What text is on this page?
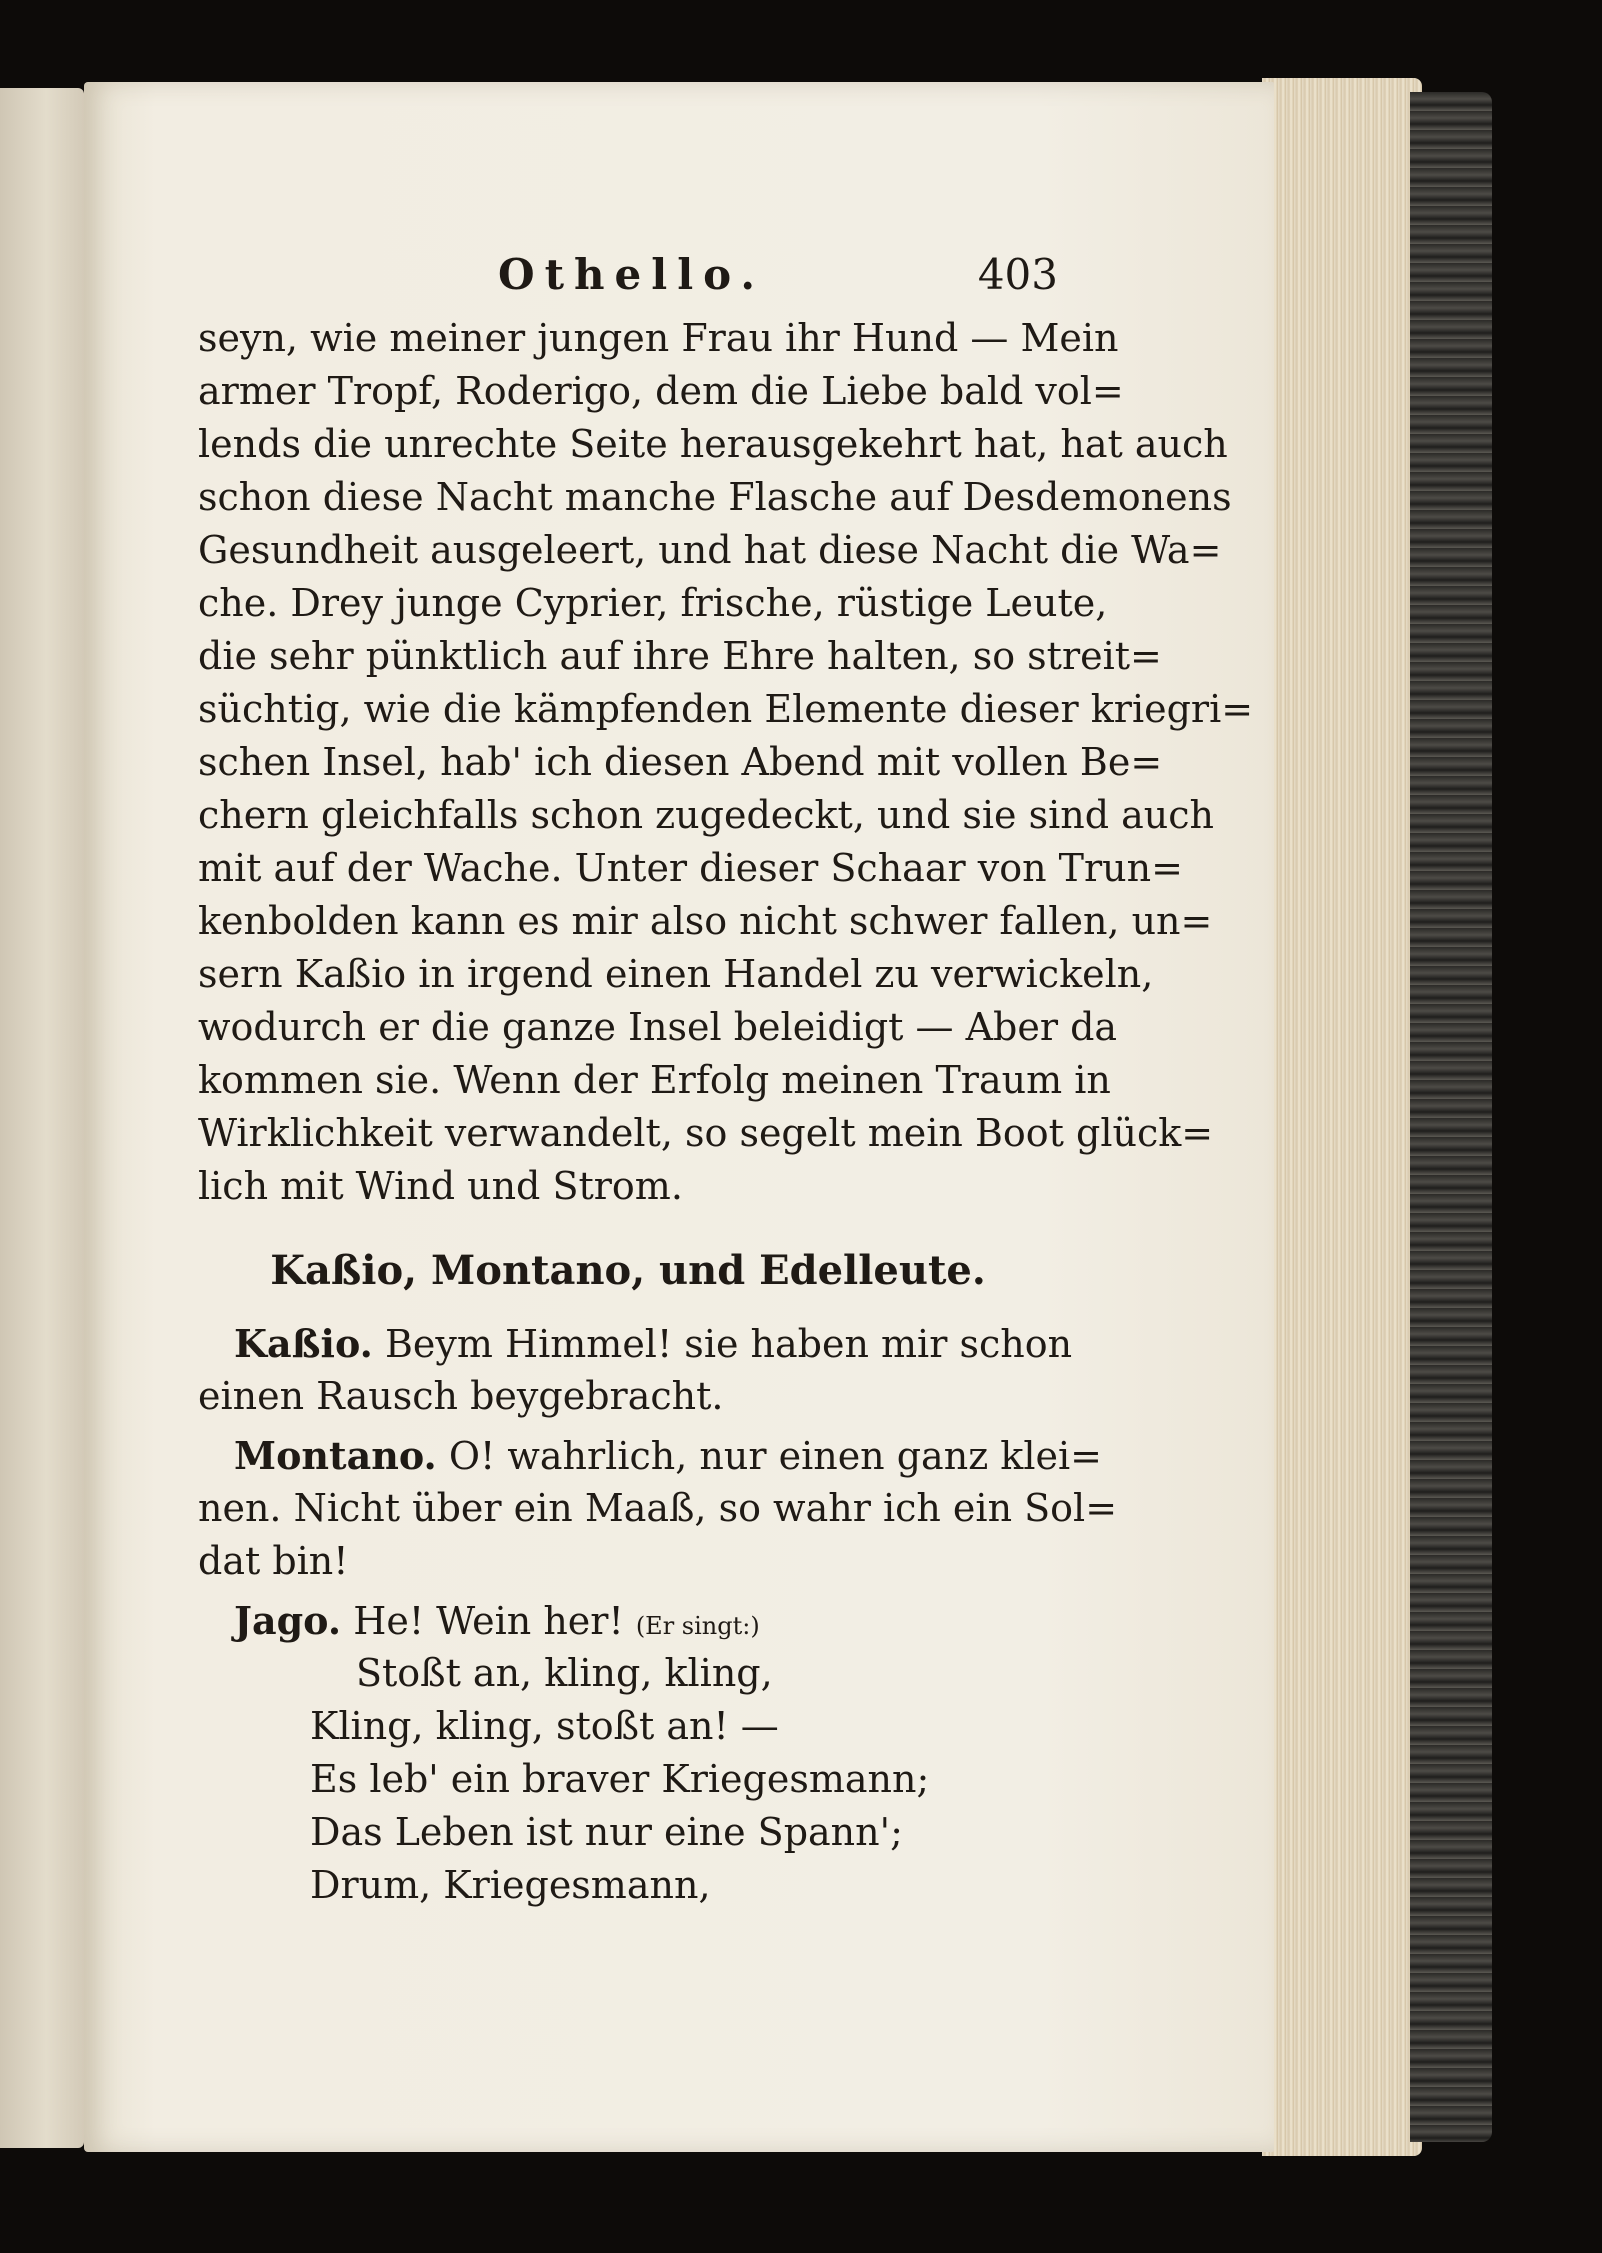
Othello.	403
seyn, wie meiner jungen Frau ihr Hund — Mein
armer Tropf, Roderigo, dem die Liebe bald vol=
lends die unrechte Seite herausgekehrt hat, hat auch
schon diese Nacht manche Flasche auf Desdemonens
Gesundheit ausgeleert, und hat diese Nacht die Wa=
che. Drey junge Cyprier, frische, rüstige Leute,
die sehr pünktlich auf ihre Ehre halten, so streit=
süchtig, wie die kämpfenden Elemente dieser kriegri=
schen Insel, hab' ich diesen Abend mit vollen Be=
chern gleichfalls schon zugedeckt, und sie sind auch
mit auf der Wache. Unter dieser Schaar von Trun=
kenbolden kann es mir also nicht schwer fallen, un=
sern Kaßio in irgend einen Handel zu verwickeln,
wodurch er die ganze Insel beleidigt — Aber da
kommen sie. Wenn der Erfolg meinen Traum in
Wirklichkeit verwandelt, so segelt mein Boot glück=
lich mit Wind und Strom.
Kaßio, Montano, und Edelleute.
Kaßio. Beym Himmel! sie haben mir schon
einen Rausch beygebracht.
Montano. O! wahrlich, nur einen ganz klei=
nen. Nicht über ein Maaß, so wahr ich ein Sol=
dat bin!
Jago. He! Wein her! (Er singt:)
Stoßt an, kling, kling,
Kling, kling, stoßt an! —
Es leb' ein braver Kriegesmann;
Das Leben ist nur eine Spann';
Drum, Kriegesmann,
